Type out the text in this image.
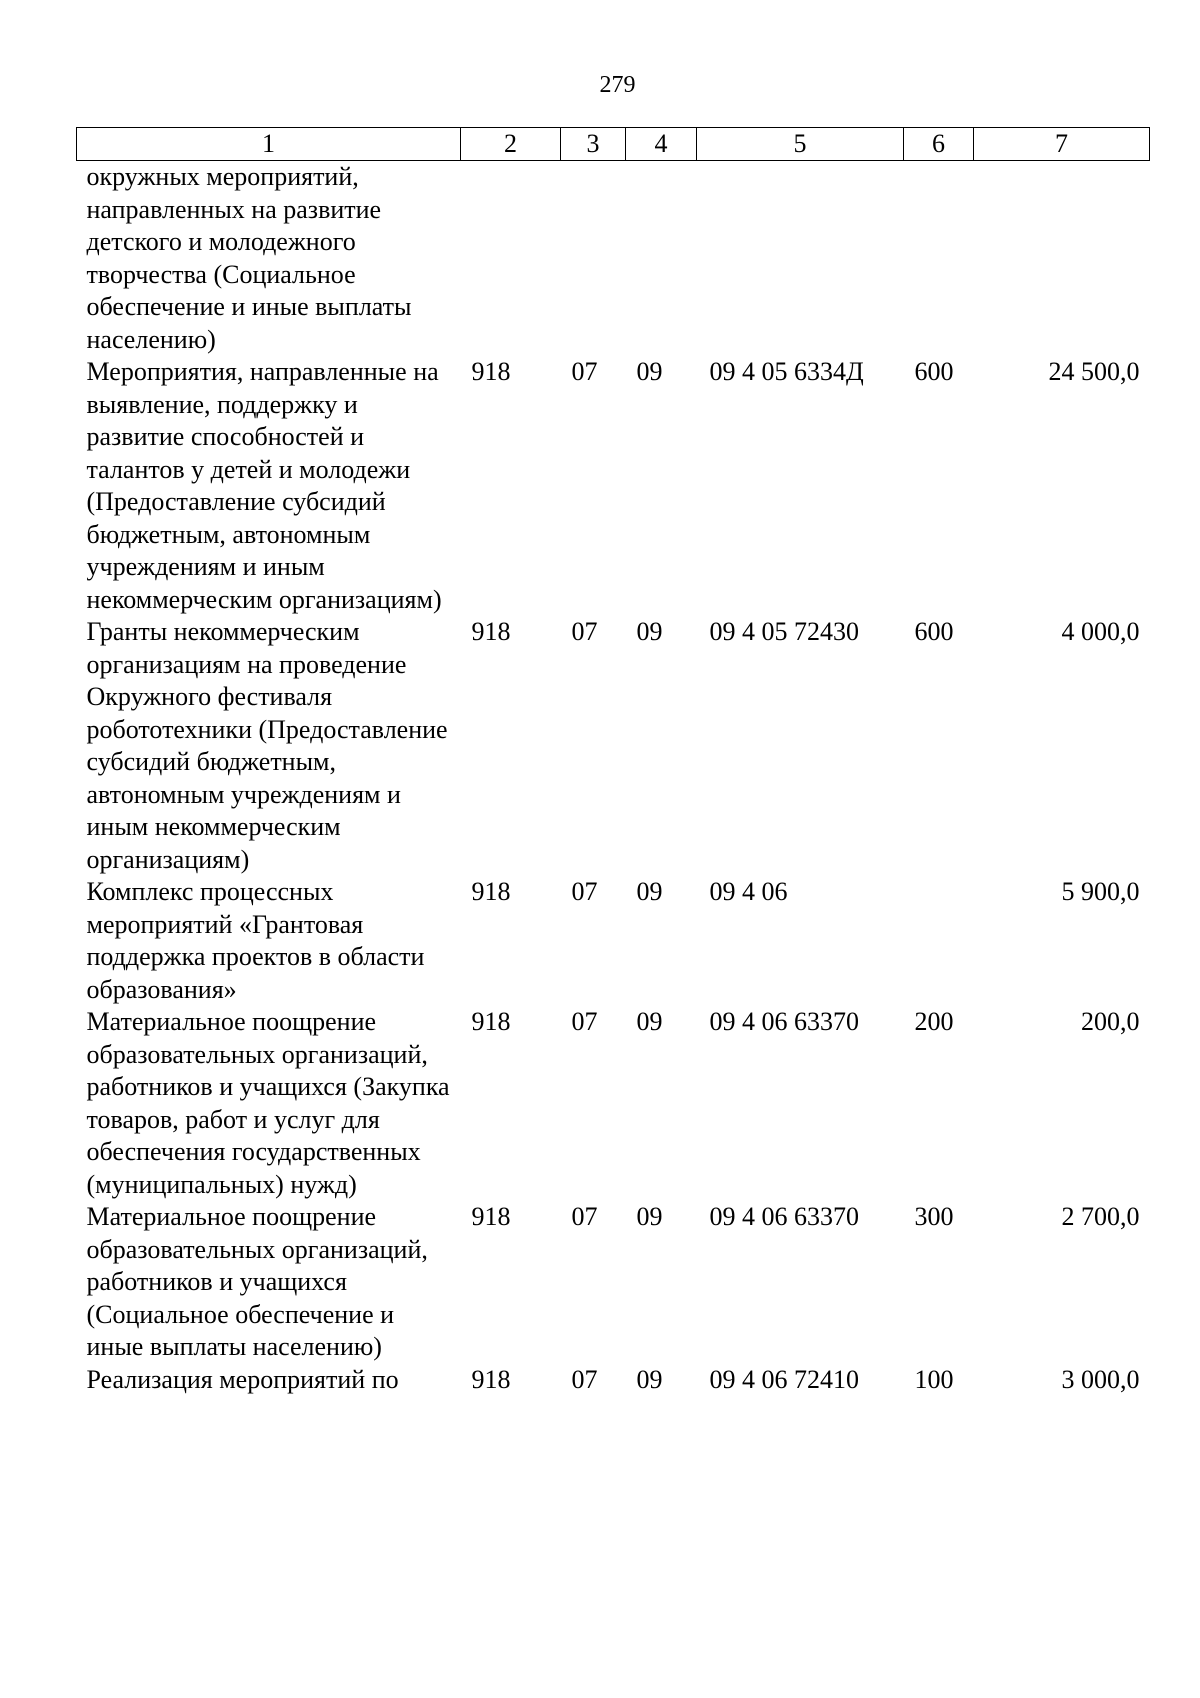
279
1	2	3	4	5	6	7
окружных мероприятий, направленных на развитие детского и молодежного творчества (Социальное обеспечение и иные выплаты населению)						
Мероприятия, направленные на выявление, поддержку и развитие способностей и талантов у детей и молодежи (Предоставление субсидий бюджетным, автономным учреждениям и иным некоммерческим организациям)	918	07	09	09 4 05 6334Д	600	24 500,0
Гранты некоммерческим организациям на проведение Окружного фестиваля робототехники (Предоставление субсидий бюджетным, автономным учреждениям и иным некоммерческим организациям)	918	07	09	09 4 05 72430	600	4 000,0
Комплекс процессных мероприятий «Грантовая поддержка проектов в области образования»	918	07	09	09 4 06		5 900,0
Материальное поощрение образовательных организаций, работников и учащихся (Закупка товаров, работ и услуг для обеспечения государственных (муниципальных) нужд)	918	07	09	09 4 06 63370	200	200,0
Материальное поощрение образовательных организаций, работников и учащихся (Социальное обеспечение и иные выплаты населению)	918	07	09	09 4 06 63370	300	2 700,0
Реализация мероприятий по	918	07	09	09 4 06 72410	100	3 000,0
